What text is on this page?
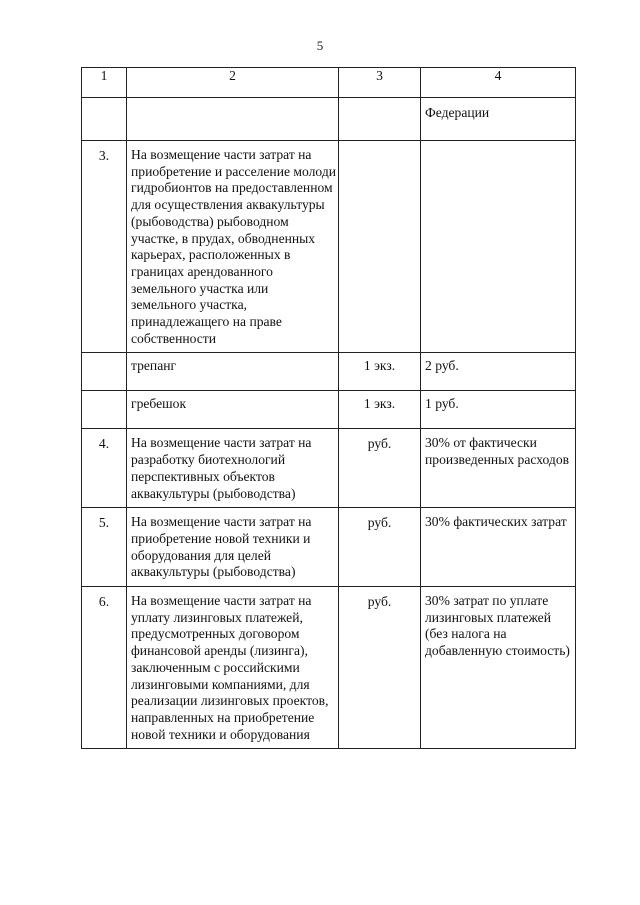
5
1	2	3	4
			Федерации
3.	На возмещение части затрат на приобретение и расселение молоди гидробионтов на предоставленном для осуществления аквакультуры (рыбоводства) рыбоводном участке, в прудах, обводненных карьерах, расположенных в границах арендованного земельного участка или земельного участка, принадлежащего на праве собственности		
	трепанг	1 экз.	2 руб.
	гребешок	1 экз.	1 руб.
4.	На возмещение части затрат на разработку биотехнологий перспективных объектов аквакультуры (рыбоводства)	руб.	30% от фактически произведенных расходов
5.	На возмещение части затрат на приобретение новой техники и оборудования для целей аквакультуры (рыбоводства)	руб.	30% фактических затрат
6.	На возмещение части затрат на уплату лизинговых платежей, предусмотренных договором финансовой аренды (лизинга), заключенным с российскими лизинговыми компаниями, для реализации лизинговых проектов, направленных на приобретение новой техники и оборудования	руб.	30% затрат по уплате лизинговых платежей (без налога на добавленную стоимость)
